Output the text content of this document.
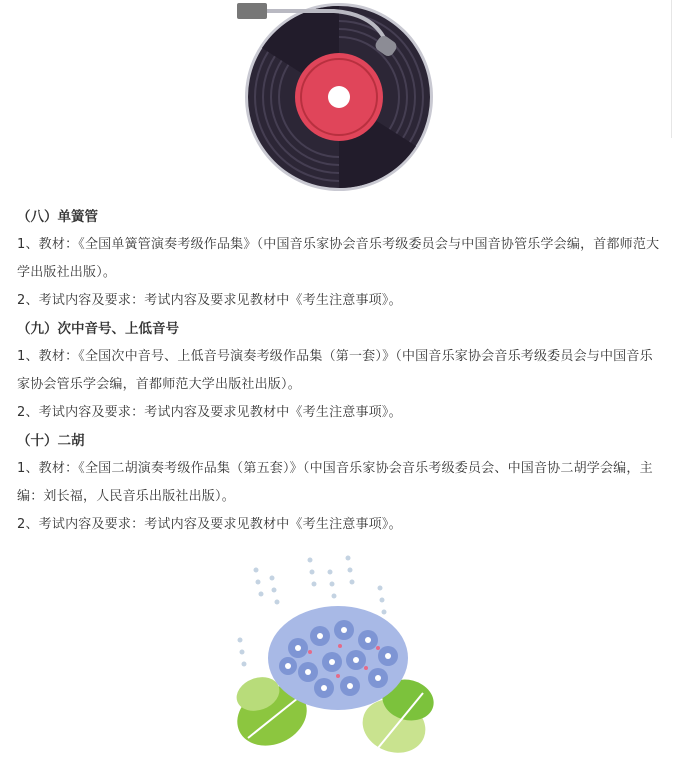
（八）单簧管

1、教材：《全国单簧管演奏考级作品集》（中国音乐家协会音乐考级委员会与中国音协管乐学会编，首都师范大学出版社出版）。

2、考试内容及要求：考试内容及要求见教材中《考生注意事项》。

（九）次中音号、上低音号

1、教材：《全国次中音号、上低音号演奏考级作品集（第一套）》（中国音乐家协会音乐考级委员会与中国音乐家协会管乐学会编，首都师范大学出版社出版）。

2、考试内容及要求：考试内容及要求见教材中《考生注意事项》。

（十）二胡

1、教材：《全国二胡演奏考级作品集（第五套）》（中国音乐家协会音乐考级委员会、中国音协二胡学会编，主编：刘长福，人民音乐出版社出版）。

2、考试内容及要求：考试内容及要求见教材中《考生注意事项》。
